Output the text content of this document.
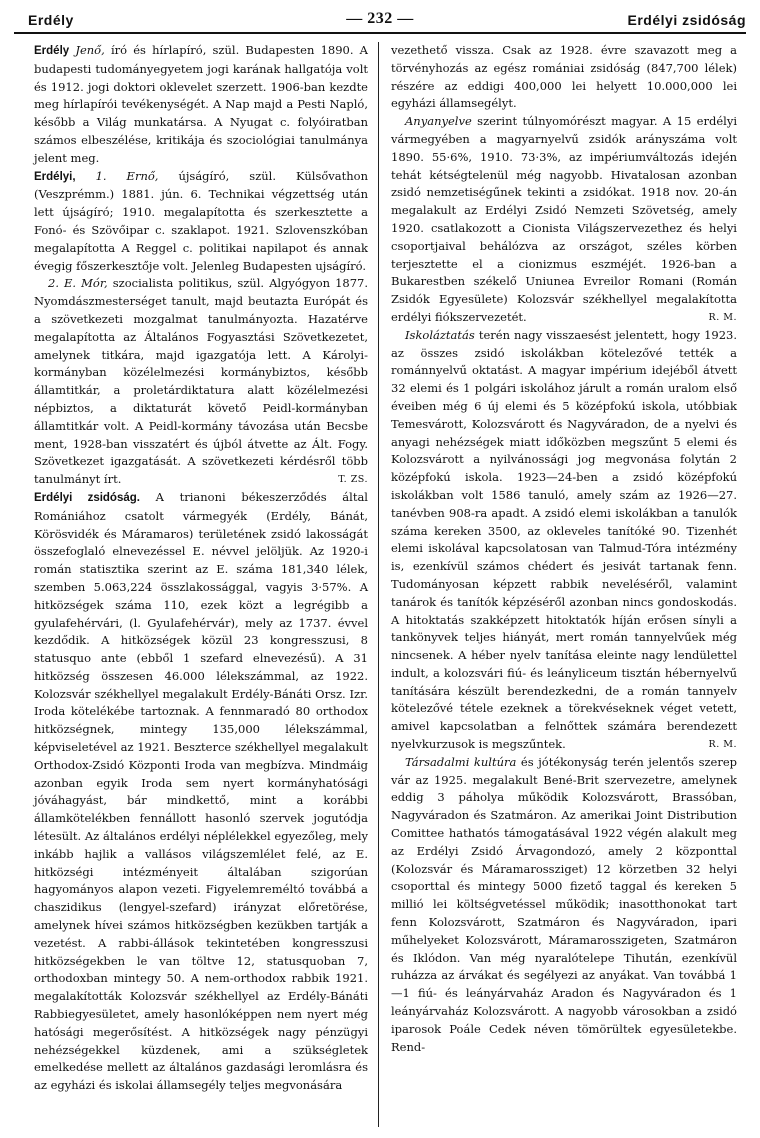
Erdély	— 232 —	Erdélyi zsidóság

Erdély Jenő, író és hírlapíró, szül. Budapesten 1890. A budapesti tudományegyetem jogi karának hallgatója volt és 1912. jogi doktori oklevelet szerzett. 1906-ban kezdte meg hírlapírói tevékenységét. A Nap majd a Pesti Napló, később a Világ munkatársa. A Nyugat c. folyóiratban számos elbeszélése, kritikája és szociológiai tanulmánya jelent meg.

Erdélyi, 1. Ernő, újságíró, szül. Külsővathon (Veszprémm.) 1881. jún. 6. Technikai végzettség után lett újságíró; 1910. megalapította és szerkesztette a Fonó- és Szövőipar c. szaklapot. 1921. Szlovenszkóban megalapította A Reggel c. politikai napilapot és annak évegig főszerkesztője volt. Jelenleg Budapesten ujságíró.

2. E. Mór, szocialista politikus, szül. Algyógyon 1877. Nyomdászmesterséget tanult, majd beutazta Európát és a szövetkezeti mozgalmat tanulmányozta. Hazatérve megalapította az Általános Fogyasztási Szövetkezetet, amelynek titkára, majd igazgatója lett. A Károlyi-kormányban közélelmezési kormánybiztos, később államtitkár, a proletárdiktatura alatt közélelmezési népbiztos, a diktaturát követő Peidl-kormányban államtitkár volt. A Peidl-kormány távozása után Becsbe ment, 1928-ban visszatért és újból átvette az Ált. Fogy. Szövetkezet igazgatását. A szövetkezeti kérdésről több tanulmányt írt.	T. ZS.

Erdélyi zsidóság. A trianoni békeszerződés által Romániához csatolt vármegyék (Erdély, Bánát, Körösvidék és Máramaros) területének zsidó lakosságát összefoglaló elnevezéssel E. névvel jelöljük. Az 1920-i román statisztika szerint az E. száma 181,340 lélek, szemben 5.063,224 összlakossággal, vagyis 3·57%. A hitközségek száma 110, ezek közt a legrégibb a gyulafehérvári, (l. Gyulafehérvár), mely az 1737. évvel kezdődik. A hitközségek közül 23 kongresszusi, 8 statusquo ante (ebből 1 szefard elnevezésű). A 31 hitközség összesen 46.000 lélekszámmal, az 1922. Kolozsvár székhellyel megalakult Erdély-Bánáti Orsz. Izr. Iroda kötelékébe tartoznak. A fennmaradó 80 orthodox hitközségnek, mintegy 135,000 lélekszámmal, képviseletével az 1921. Beszterce székhellyel megalakult Orthodox-Zsidó Központi Iroda van megbízva. Mindmáig azonban egyik Iroda sem nyert kormányhatósági jóváhagyást, bár mindkettő, mint a korábbi államkötelékben fennállott hasonló szervek jogutódja létesült. Az általános erdélyi néplélekkel egyezőleg, mely inkább hajlik a vallásos világszemlélet felé, az E. hitközségi intézményeit általában szigorúan hagyományos alapon vezeti. Figyelemreméltó továbbá a chaszidikus (lengyel-szefard) irányzat előretörése, amelynek hívei számos hitközségben kezükben tartják a vezetést. A rabbi-állások tekintetében kongresszusi hitközségekben le van töltve 12, statusquoban 7, orthodoxban mintegy 50. A nem-orthodox rabbik 1921. megalakították Kolozsvár székhellyel az Erdély-Bánáti Rabbiegyesületet, amely hasonlóképpen nem nyert még hatósági megerősítést. A hitközségek nagy pénzügyi nehézségekkel küzdenek, ami a szükségletek emelkedése mellett az általános gazdasági leromlásra és az egyházi és iskolai államsegély teljes megvonására

vezethető vissza. Csak az 1928. évre szavazott meg a törvényhozás az egész romániai zsidóság (847,700 lélek) részére az eddigi 400,000 lei helyett 10.000,000 lei egyházi államsegélyt.

Anyanyelve szerint túlnyomórészt magyar. A 15 erdélyi vármegyében a magyarnyelvű zsidók arányszáma volt 1890. 55·6%, 1910. 73·3%, az impériumváltozás idején tehát kétségtelenül még nagyobb. Hivatalosan azonban zsidó nemzetiségűnek tekinti a zsidókat. 1918 nov. 20-án megalakult az Erdélyi Zsidó Nemzeti Szövetség, amely 1920. csatlakozott a Cionista Világszervezethez és helyi csoportjaival behálózva az országot, széles körben terjesztette el a cionizmus eszméjét. 1926-ban a Bukarestben székelő Uniunea Evreilor Romani (Román Zsidók Egyesülete) Kolozsvár székhellyel megalakította erdélyi fiókszervezetét.	R. M.

Iskoláztatás terén nagy visszaesést jelentett, hogy 1923. az összes zsidó iskolákban kötelezővé tették a románnyelvű oktatást. A magyar impérium idejéből átvett 32 elemi és 1 polgári iskolához járult a román uralom első éveiben még 6 új elemi és 5 középfokú iskola, utóbbiak Temesvárott, Kolozsvárott és Nagyváradon, de a nyelvi és anyagi nehézségek miatt időközben megszűnt 5 elemi és Kolozsvárott a nyilvánossági jog megvonása folytán 2 középfokú iskola. 1923—24-ben a zsidó középfokú iskolákban volt 1586 tanuló, amely szám az 1926—27. tanévben 908-ra apadt. A zsidó elemi iskolákban a tanulók száma kereken 3500, az okleveles tanítóké 90. Tizenhét elemi iskolával kapcsolatosan van Talmud-Tóra intézmény is, ezenkívül számos chédert és jesivát tartanak fenn. Tudományosan képzett rabbik neveléséről, valamint tanárok és tanítók képzéséről azonban nincs gondoskodás. A hitoktatás szakképzett hitoktatók híján erősen sínyli a tankönyvek teljes hiányát, mert román tannyelvűek még nincsenek. A héber nyelv tanítása eleinte nagy lendülettel indult, a kolozsvári fiú- és leányliceum tisztán hébernyelvű tanítására készült berendezkedni, de a román tannyelv kötelezővé tétele ezeknek a törekvéseknek véget vetett, amivel kapcsolatban a felnőttek számára berendezett nyelvkurzusok is megszűntek.	R. M.

Társadalmi kultúra és jótékonyság terén jelentős szerep vár az 1925. megalakult Bené-Brit szervezetre, amelynek eddig 3 páholya működik Kolozsvárott, Brassóban, Nagyváradon és Szatmáron. Az amerikai Joint Distribution Comittee hathatós támogatásával 1922 végén alakult meg az Erdélyi Zsidó Árvagondozó, amely 2 központtal (Kolozsvár és Máramarossziget) 12 körzetben 32 helyi csoporttal és mintegy 5000 fizető taggal és kereken 5 millió lei költségvetéssel működik; inasotthonokat tart fenn Kolozsvárott, Szatmáron és Nagyváradon, ipari műhelyeket Kolozsvárott, Máramarosszigeten, Szatmáron és Iklódon. Van még nyaralótelepe Tihután, ezenkívül ruházza az árvákat és segélyezi az anyákat. Van továbbá 1—1 fiú- és leányárvaház Aradon és Nagyváradon és 1 leányárvaház Kolozsvárott. A nagyobb városokban a zsidó iparosok Poále Cedek néven tömörültek egyesületekbe. Rend-
